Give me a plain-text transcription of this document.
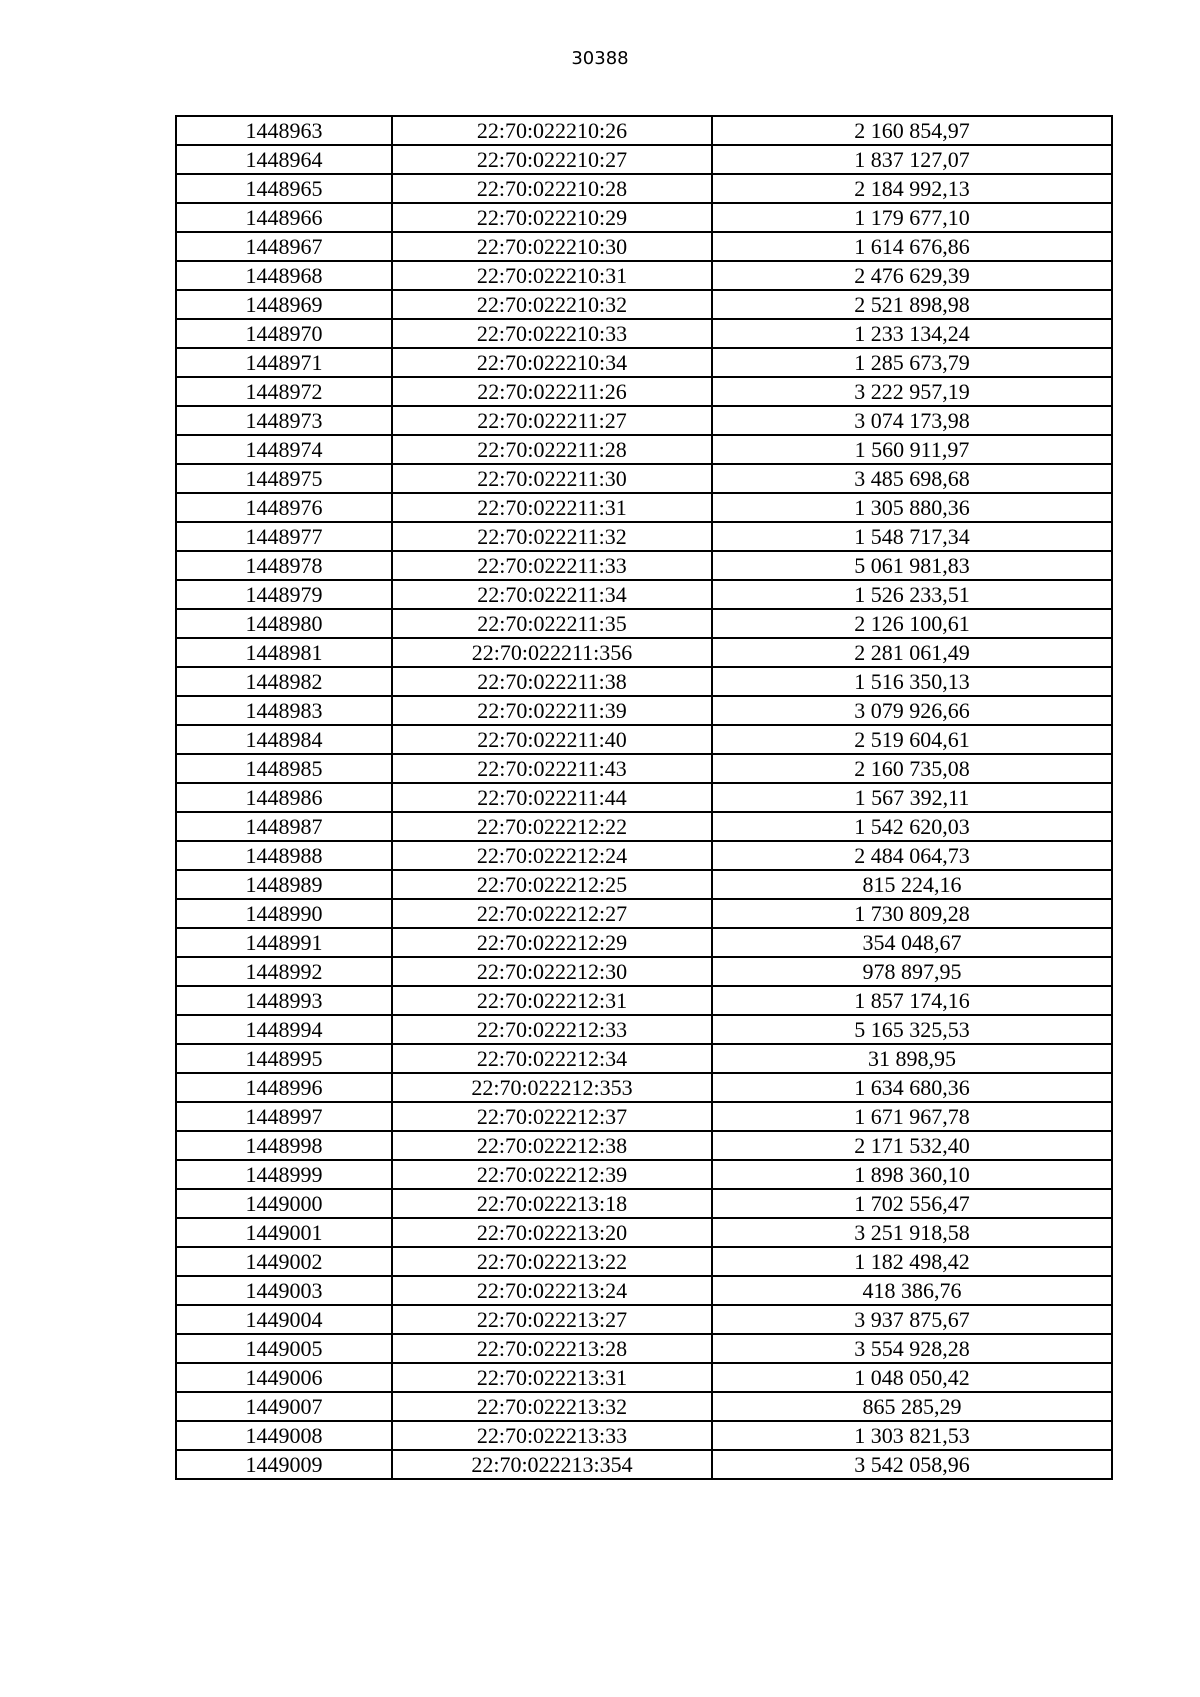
30388
1448963	22:70:022210:26	2 160 854,97
1448964	22:70:022210:27	1 837 127,07
1448965	22:70:022210:28	2 184 992,13
1448966	22:70:022210:29	1 179 677,10
1448967	22:70:022210:30	1 614 676,86
1448968	22:70:022210:31	2 476 629,39
1448969	22:70:022210:32	2 521 898,98
1448970	22:70:022210:33	1 233 134,24
1448971	22:70:022210:34	1 285 673,79
1448972	22:70:022211:26	3 222 957,19
1448973	22:70:022211:27	3 074 173,98
1448974	22:70:022211:28	1 560 911,97
1448975	22:70:022211:30	3 485 698,68
1448976	22:70:022211:31	1 305 880,36
1448977	22:70:022211:32	1 548 717,34
1448978	22:70:022211:33	5 061 981,83
1448979	22:70:022211:34	1 526 233,51
1448980	22:70:022211:35	2 126 100,61
1448981	22:70:022211:356	2 281 061,49
1448982	22:70:022211:38	1 516 350,13
1448983	22:70:022211:39	3 079 926,66
1448984	22:70:022211:40	2 519 604,61
1448985	22:70:022211:43	2 160 735,08
1448986	22:70:022211:44	1 567 392,11
1448987	22:70:022212:22	1 542 620,03
1448988	22:70:022212:24	2 484 064,73
1448989	22:70:022212:25	815 224,16
1448990	22:70:022212:27	1 730 809,28
1448991	22:70:022212:29	354 048,67
1448992	22:70:022212:30	978 897,95
1448993	22:70:022212:31	1 857 174,16
1448994	22:70:022212:33	5 165 325,53
1448995	22:70:022212:34	31 898,95
1448996	22:70:022212:353	1 634 680,36
1448997	22:70:022212:37	1 671 967,78
1448998	22:70:022212:38	2 171 532,40
1448999	22:70:022212:39	1 898 360,10
1449000	22:70:022213:18	1 702 556,47
1449001	22:70:022213:20	3 251 918,58
1449002	22:70:022213:22	1 182 498,42
1449003	22:70:022213:24	418 386,76
1449004	22:70:022213:27	3 937 875,67
1449005	22:70:022213:28	3 554 928,28
1449006	22:70:022213:31	1 048 050,42
1449007	22:70:022213:32	865 285,29
1449008	22:70:022213:33	1 303 821,53
1449009	22:70:022213:354	3 542 058,96
